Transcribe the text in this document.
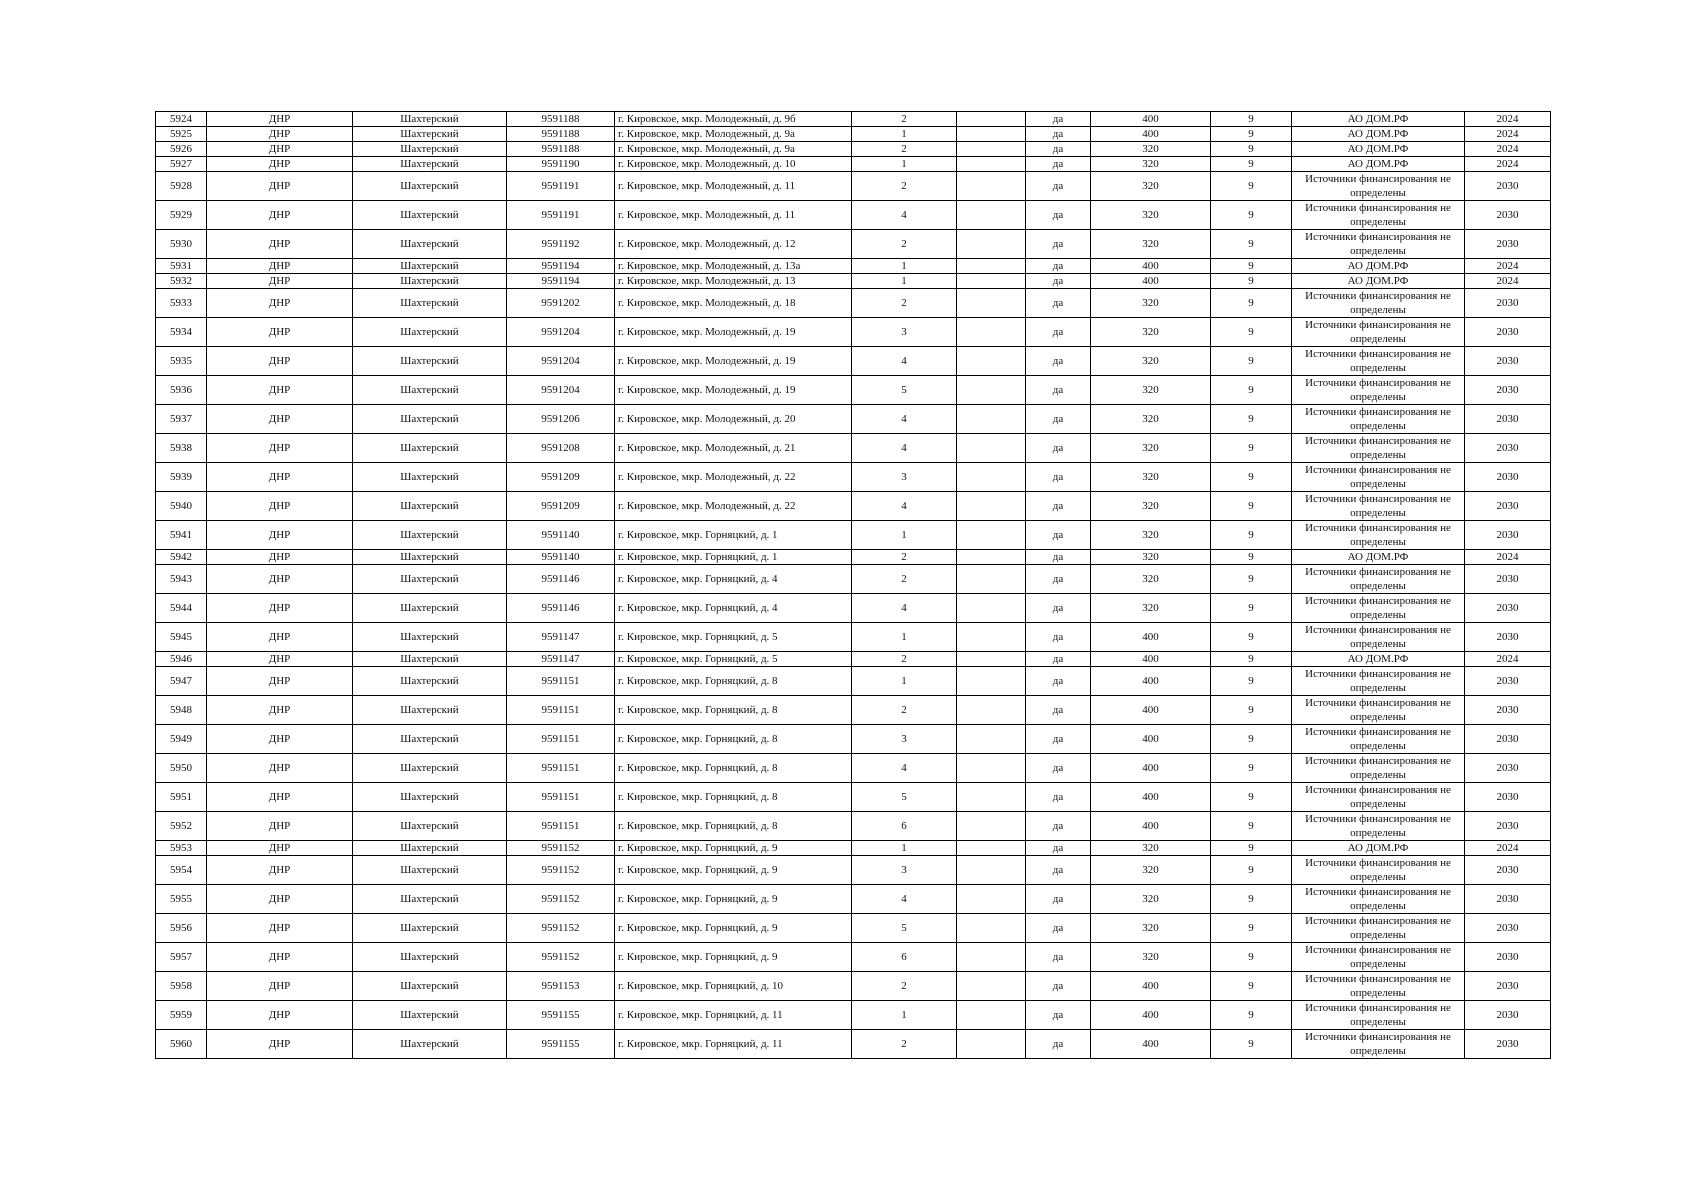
5924	ДНР	Шахтерский	9591188	г. Кировское, мкр. Молодежный, д. 9б	2		да	400	9	АО ДОМ.РФ	2024
5925	ДНР	Шахтерский	9591188	г. Кировское, мкр. Молодежный, д. 9а	1		да	400	9	АО ДОМ.РФ	2024
5926	ДНР	Шахтерский	9591188	г. Кировское, мкр. Молодежный, д. 9а	2		да	320	9	АО ДОМ.РФ	2024
5927	ДНР	Шахтерский	9591190	г. Кировское, мкр. Молодежный, д. 10	1		да	320	9	АО ДОМ.РФ	2024
5928	ДНР	Шахтерский	9591191	г. Кировское, мкр. Молодежный, д. 11	2		да	320	9	Источники финансирования не определены	2030
5929	ДНР	Шахтерский	9591191	г. Кировское, мкр. Молодежный, д. 11	4		да	320	9	Источники финансирования не определены	2030
5930	ДНР	Шахтерский	9591192	г. Кировское, мкр. Молодежный, д. 12	2		да	320	9	Источники финансирования не определены	2030
5931	ДНР	Шахтерский	9591194	г. Кировское, мкр. Молодежный, д. 13а	1		да	400	9	АО ДОМ.РФ	2024
5932	ДНР	Шахтерский	9591194	г. Кировское, мкр. Молодежный, д. 13	1		да	400	9	АО ДОМ.РФ	2024
5933	ДНР	Шахтерский	9591202	г. Кировское, мкр. Молодежный, д. 18	2		да	320	9	Источники финансирования не определены	2030
5934	ДНР	Шахтерский	9591204	г. Кировское, мкр. Молодежный, д. 19	3		да	320	9	Источники финансирования не определены	2030
5935	ДНР	Шахтерский	9591204	г. Кировское, мкр. Молодежный, д. 19	4		да	320	9	Источники финансирования не определены	2030
5936	ДНР	Шахтерский	9591204	г. Кировское, мкр. Молодежный, д. 19	5		да	320	9	Источники финансирования не определены	2030
5937	ДНР	Шахтерский	9591206	г. Кировское, мкр. Молодежный, д. 20	4		да	320	9	Источники финансирования не определены	2030
5938	ДНР	Шахтерский	9591208	г. Кировское, мкр. Молодежный, д. 21	4		да	320	9	Источники финансирования не определены	2030
5939	ДНР	Шахтерский	9591209	г. Кировское, мкр. Молодежный, д. 22	3		да	320	9	Источники финансирования не определены	2030
5940	ДНР	Шахтерский	9591209	г. Кировское, мкр. Молодежный, д. 22	4		да	320	9	Источники финансирования не определены	2030
5941	ДНР	Шахтерский	9591140	г. Кировское, мкр. Горняцкий, д. 1	1		да	320	9	Источники финансирования не определены	2030
5942	ДНР	Шахтерский	9591140	г. Кировское, мкр. Горняцкий, д. 1	2		да	320	9	АО ДОМ.РФ	2024
5943	ДНР	Шахтерский	9591146	г. Кировское, мкр. Горняцкий, д. 4	2		да	320	9	Источники финансирования не определены	2030
5944	ДНР	Шахтерский	9591146	г. Кировское, мкр. Горняцкий, д. 4	4		да	320	9	Источники финансирования не определены	2030
5945	ДНР	Шахтерский	9591147	г. Кировское, мкр. Горняцкий, д. 5	1		да	400	9	Источники финансирования не определены	2030
5946	ДНР	Шахтерский	9591147	г. Кировское, мкр. Горняцкий, д. 5	2		да	400	9	АО ДОМ.РФ	2024
5947	ДНР	Шахтерский	9591151	г. Кировское, мкр. Горняцкий, д. 8	1		да	400	9	Источники финансирования не определены	2030
5948	ДНР	Шахтерский	9591151	г. Кировское, мкр. Горняцкий, д. 8	2		да	400	9	Источники финансирования не определены	2030
5949	ДНР	Шахтерский	9591151	г. Кировское, мкр. Горняцкий, д. 8	3		да	400	9	Источники финансирования не определены	2030
5950	ДНР	Шахтерский	9591151	г. Кировское, мкр. Горняцкий, д. 8	4		да	400	9	Источники финансирования не определены	2030
5951	ДНР	Шахтерский	9591151	г. Кировское, мкр. Горняцкий, д. 8	5		да	400	9	Источники финансирования не определены	2030
5952	ДНР	Шахтерский	9591151	г. Кировское, мкр. Горняцкий, д. 8	6		да	400	9	Источники финансирования не определены	2030
5953	ДНР	Шахтерский	9591152	г. Кировское, мкр. Горняцкий, д. 9	1		да	320	9	АО ДОМ.РФ	2024
5954	ДНР	Шахтерский	9591152	г. Кировское, мкр. Горняцкий, д. 9	3		да	320	9	Источники финансирования не определены	2030
5955	ДНР	Шахтерский	9591152	г. Кировское, мкр. Горняцкий, д. 9	4		да	320	9	Источники финансирования не определены	2030
5956	ДНР	Шахтерский	9591152	г. Кировское, мкр. Горняцкий, д. 9	5		да	320	9	Источники финансирования не определены	2030
5957	ДНР	Шахтерский	9591152	г. Кировское, мкр. Горняцкий, д. 9	6		да	320	9	Источники финансирования не определены	2030
5958	ДНР	Шахтерский	9591153	г. Кировское, мкр. Горняцкий, д. 10	2		да	400	9	Источники финансирования не определены	2030
5959	ДНР	Шахтерский	9591155	г. Кировское, мкр. Горняцкий, д. 11	1		да	400	9	Источники финансирования не определены	2030
5960	ДНР	Шахтерский	9591155	г. Кировское, мкр. Горняцкий, д. 11	2		да	400	9	Источники финансирования не определены	2030
